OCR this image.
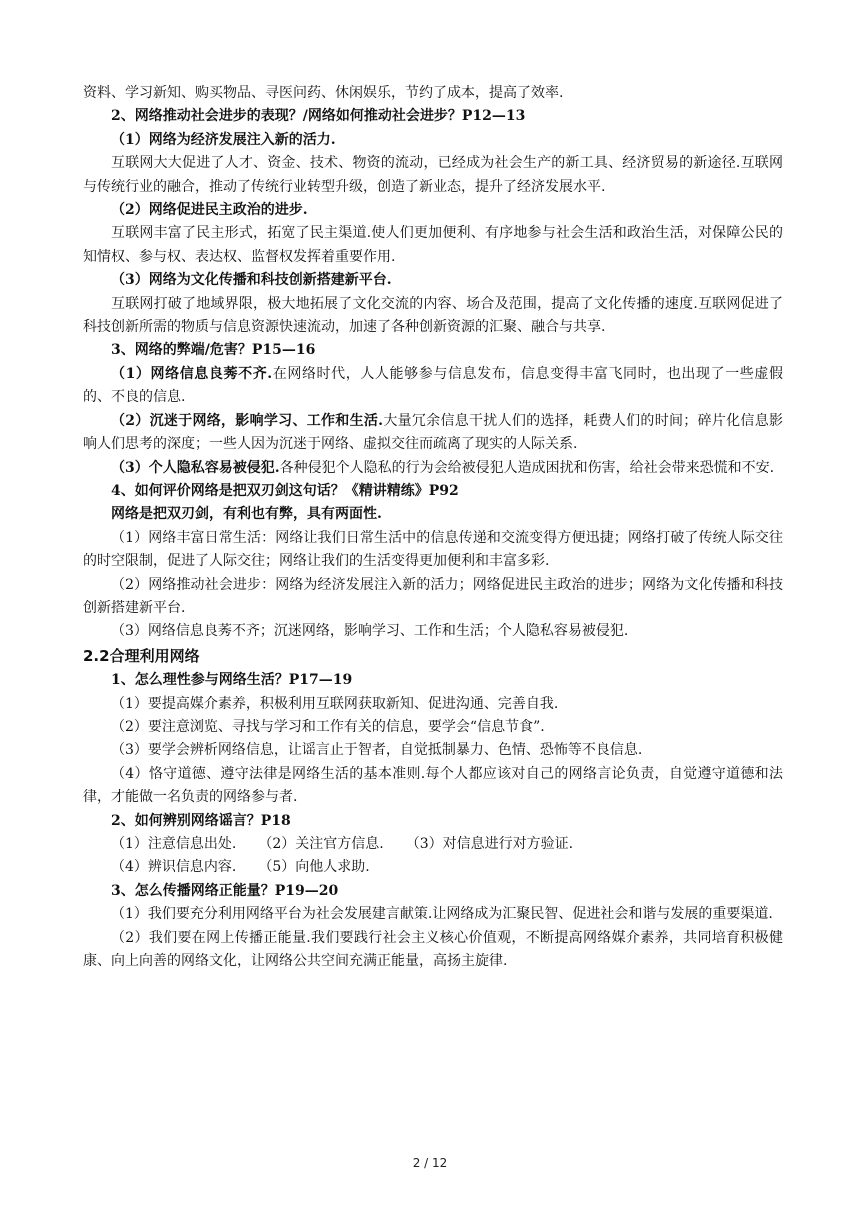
资料、学习新知、购买物品、寻医问药、休闲娱乐，节约了成本，提高了效率.

2、网络推动社会进步的表现？/网络如何推动社会进步？P12—13

（1）网络为经济发展注入新的活力.

互联网大大促进了人才、资金、技术、物资的流动，已经成为社会生产的新工具、经济贸易的新途径.互联网与传统行业的融合，推动了传统行业转型升级，创造了新业态，提升了经济发展水平.

（2）网络促进民主政治的进步.

互联网丰富了民主形式，拓宽了民主渠道.使人们更加便利、有序地参与社会生活和政治生活，对保障公民的知情权、参与权、表达权、监督权发挥着重要作用.

（3）网络为文化传播和科技创新搭建新平台.

互联网打破了地域界限，极大地拓展了文化交流的内容、场合及范围，提高了文化传播的速度.互联网促进了科技创新所需的物质与信息资源快速流动，加速了各种创新资源的汇聚、融合与共享.

3、网络的弊端/危害？P15—16

（1）网络信息良莠不齐.在网络时代，人人能够参与信息发布，信息变得丰富飞同时，也出现了一些虚假的、不良的信息.

（2）沉迷于网络，影响学习、工作和生活.大量冗余信息干扰人们的选择，耗费人们的时间；碎片化信息影响人们思考的深度；一些人因为沉迷于网络、虚拟交往而疏离了现实的人际关系.

（3）个人隐私容易被侵犯.各种侵犯个人隐私的行为会给被侵犯人造成困扰和伤害，给社会带来恐慌和不安.

4、如何评价网络是把双刃剑这句话？《精讲精练》P92

网络是把双刃剑，有利也有弊，具有两面性.

（1）网络丰富日常生活：网络让我们日常生活中的信息传递和交流变得方便迅捷；网络打破了传统人际交往的时空限制，促进了人际交往；网络让我们的生活变得更加便利和丰富多彩.

（2）网络推动社会进步：网络为经济发展注入新的活力；网络促进民主政治的进步；网络为文化传播和科技创新搭建新平台.

（3）网络信息良莠不齐；沉迷网络，影响学习、工作和生活；个人隐私容易被侵犯.

2.2合理利用网络

1、怎么理性参与网络生活？P17—19

（1）要提高媒介素养，积极利用互联网获取新知、促进沟通、完善自我.

（2）要注意浏览、寻找与学习和工作有关的信息，要学会“信息节食”.

（3）要学会辨析网络信息，让谣言止于智者，自觉抵制暴力、色情、恐怖等不良信息.

（4）恪守道德、遵守法律是网络生活的基本准则.每个人都应该对自己的网络言论负责，自觉遵守道德和法律，才能做一名负责的网络参与者.

2、如何辨别网络谣言？P18

（1）注意信息出处. （2）关注官方信息. （3）对信息进行对方验证.

（4）辨识信息内容. （5）向他人求助.

3、怎么传播网络正能量？P19—20

（1）我们要充分利用网络平台为社会发展建言献策.让网络成为汇聚民智、促进社会和谐与发展的重要渠道.

（2）我们要在网上传播正能量.我们要践行社会主义核心价值观，不断提高网络媒介素养，共同培育积极健康、向上向善的网络文化，让网络公共空间充满正能量，高扬主旋律.

2 / 12
